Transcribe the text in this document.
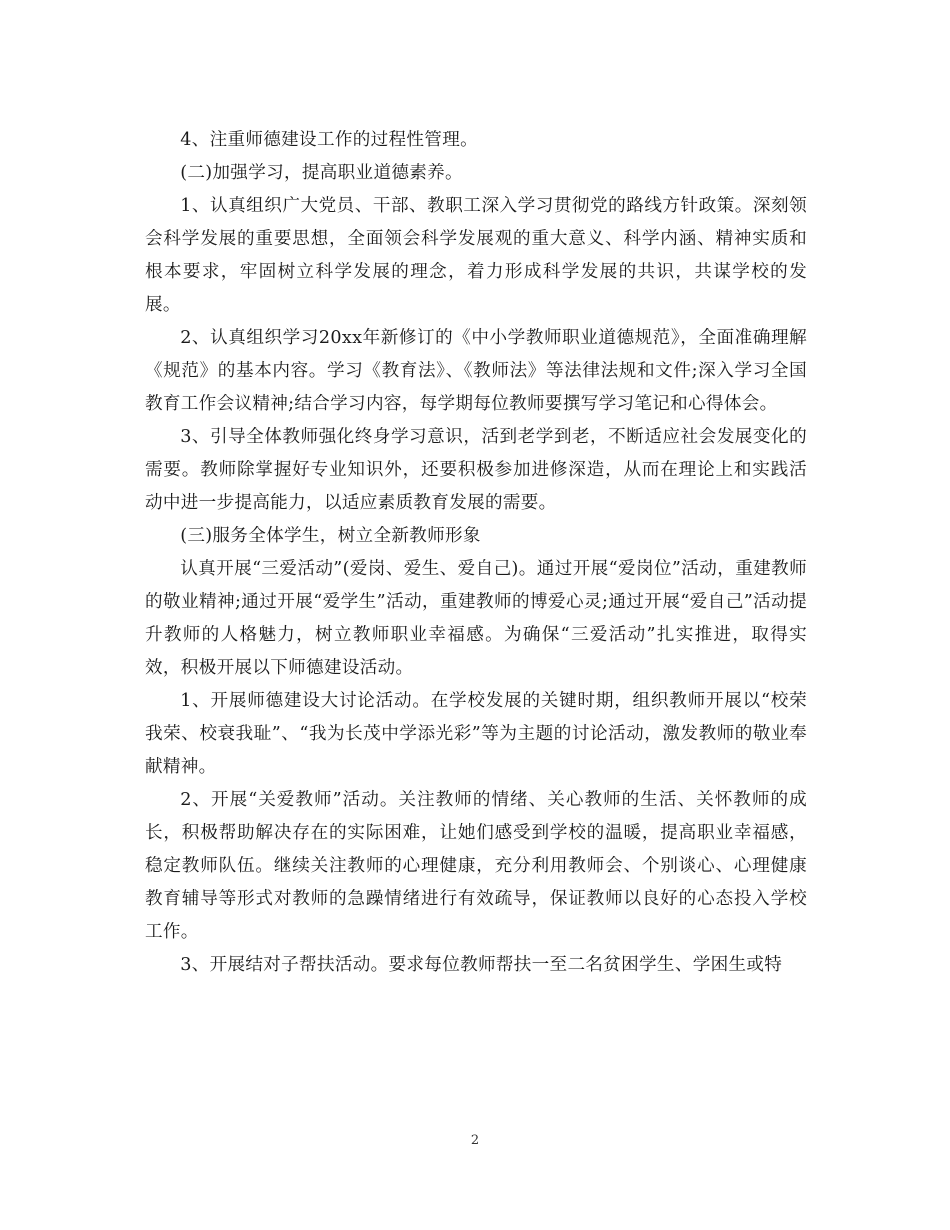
4、注重师德建设工作的过程性管理。

(二)加强学习，提高职业道德素养。

1、认真组织广大党员、干部、教职工深入学习贯彻党的路线方针政策。深刻领会科学发展的重要思想，全面领会科学发展观的重大意义、科学内涵、精神实质和根本要求，牢固树立科学发展的理念，着力形成科学发展的共识，共谋学校的发展。

2、认真组织学习20xx年新修订的《中小学教师职业道德规范》，全面准确理解《规范》的基本内容。学习《教育法》、《教师法》等法律法规和文件;深入学习全国教育工作会议精神;结合学习内容，每学期每位教师要撰写学习笔记和心得体会。

3、引导全体教师强化终身学习意识，活到老学到老，不断适应社会发展变化的需要。教师除掌握好专业知识外，还要积极参加进修深造，从而在理论上和实践活动中进一步提高能力，以适应素质教育发展的需要。

(三)服务全体学生，树立全新教师形象

认真开展“三爱活动”(爱岗、爱生、爱自己)。通过开展“爱岗位”活动，重建教师的敬业精神;通过开展“爱学生”活动，重建教师的博爱心灵;通过开展“爱自己”活动提升教师的人格魅力，树立教师职业幸福感。为确保“三爱活动”扎实推进，取得实效，积极开展以下师德建设活动。

1、开展师德建设大讨论活动。在学校发展的关键时期，组织教师开展以“校荣我荣、校衰我耻”、“我为长茂中学添光彩”等为主题的讨论活动，激发教师的敬业奉献精神。

2、开展“关爱教师”活动。关注教师的情绪、关心教师的生活、关怀教师的成长，积极帮助解决存在的实际困难，让她们感受到学校的温暖，提高职业幸福感，稳定教师队伍。继续关注教师的心理健康，充分利用教师会、个别谈心、心理健康教育辅导等形式对教师的急躁情绪进行有效疏导，保证教师以良好的心态投入学校工作。

3、开展结对子帮扶活动。要求每位教师帮扶一至二名贫困学生、学困生或特

2
